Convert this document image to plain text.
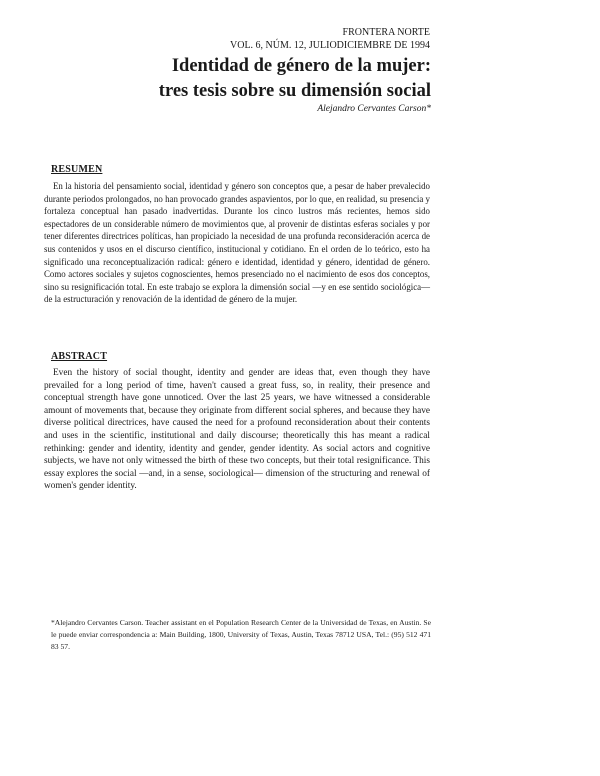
FRONTERA NORTE
VOL. 6, NÚM. 12, JULIODICIEMBRE DE 1994
Identidad de género de la mujer:
tres tesis sobre su dimensión social
Alejandro Cervantes Carson*
RESUMEN

En la historia del pensamiento social, identidad y género son conceptos que, a pesar de haber prevalecido durante periodos prolongados, no han provocado grandes aspavientos, por lo que, en realidad, su presencia y fortaleza conceptual han pasado inadvertidas. Durante los cinco lustros más recientes, hemos sido espectadores de un considerable número de movimientos que, al provenir de distintas esferas sociales y por tener diferentes directrices políticas, han propiciado la necesidad de una profunda reconsideración acerca de sus contenidos y usos en el discurso científico, institucional y cotidiano. En el orden de lo teórico, esto ha significado una reconceptualización radical: género e identidad, identidad y género, identidad de género. Como actores sociales y sujetos cognoscientes, hemos presenciado no el nacimiento de esos dos conceptos, sino su resignificación total. En este trabajo se explora la dimensión social —y en ese sentido sociológica— de la estructuración y renovación de la identidad de género de la mujer.

ABSTRACT

Even the history of social thought, identity and gender are ideas that, even though they have prevailed for a long period of time, haven't caused a great fuss, so, in reality, their presence and conceptual strength have gone unnoticed. Over the last 25 years, we have witnessed a considerable amount of movements that, because they originate from different social spheres, and because they have diverse political directrices, have caused the need for a profound reconsideration about their contents and uses in the scientific, institutional and daily discourse; theoretically this has meant a radical rethinking: gender and identity, identity and gender, gender identity. As social actors and cognitive subjects, we have not only witnessed the birth of these two concepts, but their total resignificance. This essay explores the social —and, in a sense, sociological— dimension of the structuring and renewal of women's gender identity.

*Alejandro Cervantes Carson. Teacher assistant en el Population Research Center de la Universidad de Texas, en Austin. Se le puede enviar correspondencia a: Main Building, 1800, University of Texas, Austin, Texas 78712 USA, Tel.: (95) 512 471 83 57.
